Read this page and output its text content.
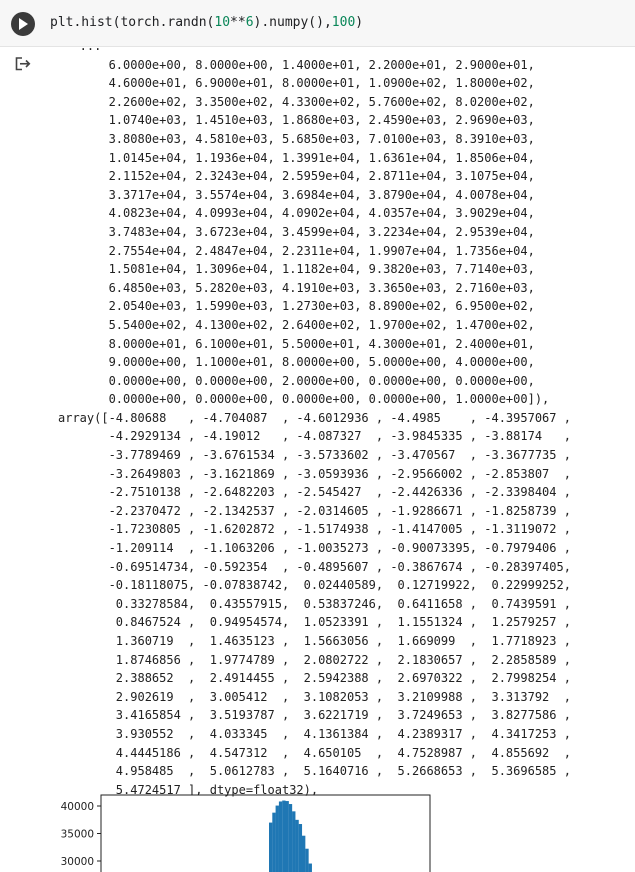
plt.hist(torch.randn(10**6).numpy(),100)
...
6.0000e+00, 8.0000e+00, 1.4000e+01, 2.2000e+01, 2.9000e+01,
4.6000e+01, 6.9000e+01, 8.0000e+01, 1.0900e+02, 1.8000e+02,
2.2600e+02, 3.3500e+02, 4.3300e+02, 5.7600e+02, 8.0200e+02,
1.0740e+03, 1.4510e+03, 1.8680e+03, 2.4590e+03, 2.9690e+03,
3.8080e+03, 4.5810e+03, 5.6850e+03, 7.0100e+03, 8.3910e+03,
1.0145e+04, 1.1936e+04, 1.3991e+04, 1.6361e+04, 1.8506e+04,
2.1152e+04, 2.3243e+04, 2.5959e+04, 2.8711e+04, 3.1075e+04,
3.3717e+04, 3.5574e+04, 3.6984e+04, 3.8790e+04, 4.0078e+04,
4.0823e+04, 4.0993e+04, 4.0902e+04, 4.0357e+04, 3.9029e+04,
3.7483e+04, 3.6723e+04, 3.4599e+04, 3.2234e+04, 2.9539e+04,
2.7554e+04, 2.4847e+04, 2.2311e+04, 1.9907e+04, 1.7356e+04,
1.5081e+04, 1.3096e+04, 1.1182e+04, 9.3820e+03, 7.7140e+03,
6.4850e+03, 5.2820e+03, 4.1910e+03, 3.3650e+03, 2.7160e+03,
2.0540e+03, 1.5990e+03, 1.2730e+03, 8.8900e+02, 6.9500e+02,
5.5400e+02, 4.1300e+02, 2.6400e+02, 1.9700e+02, 1.4700e+02,
8.0000e+01, 6.1000e+01, 5.5000e+01, 4.3000e+01, 2.4000e+01,
9.0000e+00, 1.1000e+01, 8.0000e+00, 5.0000e+00, 4.0000e+00,
0.0000e+00, 0.0000e+00, 2.0000e+00, 0.0000e+00, 0.0000e+00,
0.0000e+00, 0.0000e+00, 0.0000e+00, 0.0000e+00, 1.0000e+00]),
array([-4.80688   , -4.704087  , -4.6012936 , -4.4985    , -4.3957067 ,
-4.2929134 , -4.19012   , -4.087327  , -3.9845335 , -3.88174   ,
-3.7789469 , -3.6761534 , -3.5733602 , -3.470567  , -3.3677735 ,
-3.2649803 , -3.1621869 , -3.0593936 , -2.9566002 , -2.853807  ,
-2.7510138 , -2.6482203 , -2.545427  , -2.4426336 , -2.3398404 ,
-2.2370472 , -2.1342537 , -2.0314605 , -1.9286671 , -1.8258739 ,
-1.7230805 , -1.6202872 , -1.5174938 , -1.4147005 , -1.3119072 ,
-1.209114  , -1.1063206 , -1.0035273 , -0.90073395, -0.7979406 ,
-0.69514734, -0.592354  , -0.4895607 , -0.3867674 , -0.28397405,
-0.18118075, -0.07838742,  0.02440589,  0.12719922,  0.22999252,
0.33278584,  0.43557915,  0.53837246,  0.6411658 ,  0.7439591 ,
0.8467524 ,  0.94954574,  1.0523391 ,  1.1551324 ,  1.2579257 ,
1.360719  ,  1.4635123 ,  1.5663056 ,  1.669099  ,  1.7718923 ,
1.8746856 ,  1.9774789 ,  2.0802722 ,  2.1830657 ,  2.2858589 ,
2.388652  ,  2.4914455 ,  2.5942388 ,  2.6970322 ,  2.7998254 ,
2.902619  ,  3.005412  ,  3.1082053 ,  3.2109988 ,  3.313792  ,
3.4165854 ,  3.5193787 ,  3.6221719 ,  3.7249653 ,  3.8277586 ,
3.930552  ,  4.033345  ,  4.1361384 ,  4.2389317 ,  4.3417253 ,
4.4445186 ,  4.547312  ,  4.650105  ,  4.7528987 ,  4.855692  ,
4.958485  ,  5.0612783 ,  5.1640716 ,  5.2668653 ,  5.3696585 ,
5.4724517 ], dtype=float32),

40000
35000
30000
